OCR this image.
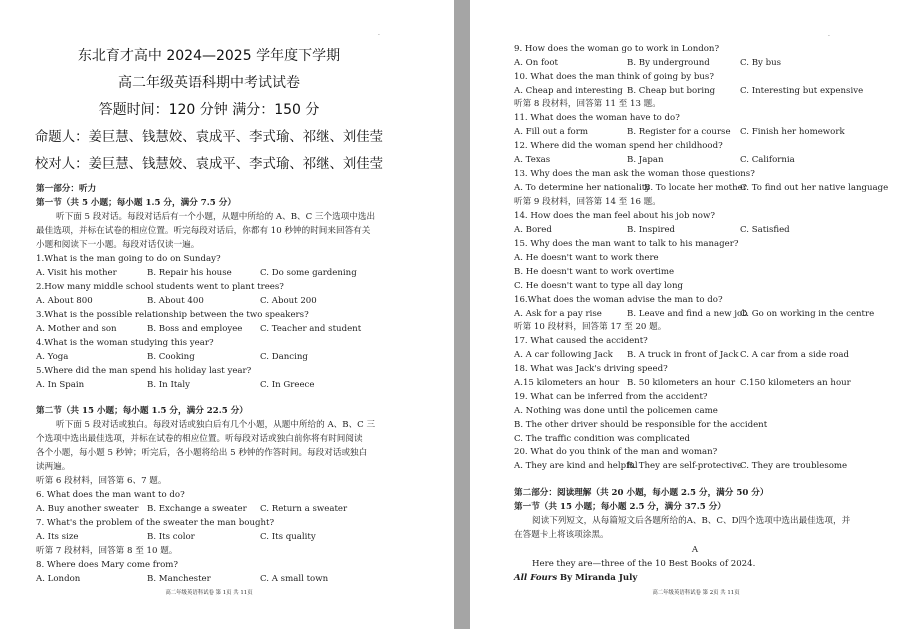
.
东北育才高中 2024—2025 学年度下学期
高二年级英语科期中考试试卷
答题时间：120 分钟 满分：150 分
命题人：姜巨慧、钱慧姣、袁成平、李式瑜、祁继、刘佳莹
校对人：姜巨慧、钱慧姣、袁成平、李式瑜、祁继、刘佳莹
第一部分：听力
第一节（共 5 小题；每小题 1.5 分，满分 7.5 分）
听下面 5 段对话。每段对话后有一个小题，从题中所给的 A、B、C 三个选项中选出
最佳选项，并标在试卷的相应位置。听完每段对话后，你都有 10 秒钟的时间来回答有关
小题和阅读下一小题。每段对话仅读一遍。
1.What is the man going to do on Sunday?
A. Visit his mother	B. Repair his house	C. Do some gardening
2.How many middle school students went to plant trees?
A. About 800	B. About 400	C. About 200
3.What is the possible relationship between the two speakers?
A. Mother and son	B. Boss and employee C. Teacher and student
4.What is the woman studying this year?
A. Yoga	B. Cooking	C. Dancing
5.Where did the man spend his holiday last year?
A. In Spain	B. In Italy	C. In Greece
第二节（共 15 小题；每小题 1.5 分，满分 22.5 分）
听下面 5 段对话或独白。每段对话或独白后有几个小题，从题中所给的 A、B、C 三
个选项中选出最佳选项，并标在试卷的相应位置。听每段对话或独白前你将有时间阅读
各个小题，每小题 5 秒钟；听完后，各小题将给出 5 秒钟的作答时间。每段对话或独白
读两遍。
听第 6 段材料，回答第 6、7 题。
6. What does the man want to do?
A. Buy another sweater B. Exchange a sweater C. Return a sweater
7. What's the problem of the sweater the man bought?
A. Its size	B. Its color	C. Its quality
听第 7 段材料，回答第 8 至 10 题。
8. Where does Mary come from?
A. London	B. Manchester	C. A small town
高二年级英语科试卷 第 1页 共 11页
.
9. How does the woman go to work in London?
A. On foot	B. By underground	C. By bus
10. What does the man think of going by bus?
A. Cheap and interesting B. Cheap but boring	C. Interesting but expensive
听第 8 段材料，回答第 11 至 13 题。
11. What does the woman have to do?
A. Fill out a form	B. Register for a course C. Finish her homework
12. Where did the woman spend her childhood?
A. Texas	B. Japan	C. California
13. Why does the man ask the woman those questions?
A. To determine her nationality
B. To locate her mother
C. To find out her native language
听第 9 段材料，回答第 14 至 16 题。
14. How does the man feel about his job now?
A. Bored	B. Inspired	C. Satisfied
15. Why does the man want to talk to his manager?
A. He doesn't want to work there
B. He doesn't want to work overtime
C. He doesn't want to type all day long
16.What does the woman advise the man to do?
A. Ask for a pay rise	B. Leave and find a new job
C. Go on working in the centre
听第 10 段材料，回答第 17 至 20 题。
17. What caused the accident?
A. A car following Jack B. A truck in front of Jack C. A car from a side road
18. What was Jack's driving speed?
A.15 kilometers an hour B. 50 kilometers an hour C.150 kilometers an hour
19. What can be inferred from the accident?
A. Nothing was done until the policemen came
B. The other driver should be responsible for the accident
C. The traffic condition was complicated
20. What do you think of the man and woman?
A. They are kind and helpful
B. They are self-protective
C. They are troublesome
第二部分：阅读理解（共 20 小题，每小题 2.5 分，满分 50 分）
第一节（共 15 小题；每小题 2.5 分，满分 37.5 分）
阅读下列短文，从每篇短文后各题所给的A、B、C、D四个选项中选出最佳选项，并
在答题卡上将该项涂黑。
A
Here they are—three of the 10 Best Books of 2024.
All Fours By Miranda July
高二年级英语科试卷 第 2页 共 11页
